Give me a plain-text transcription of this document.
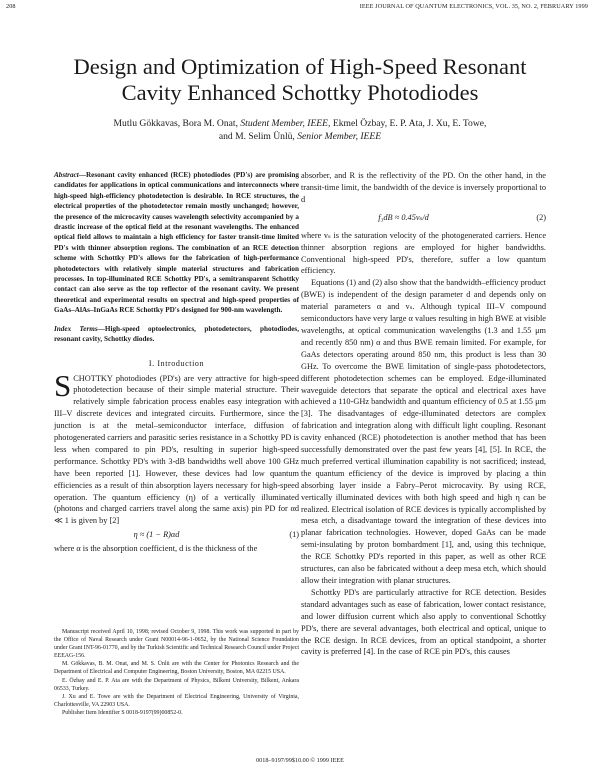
208	IEEE JOURNAL OF QUANTUM ELECTRONICS, VOL. 35, NO. 2, FEBRUARY 1999
Design and Optimization of High-Speed Resonant
Cavity Enhanced Schottky Photodiodes
Mutlu Gökkavas, Bora M. Onat, Student Member, IEEE, Ekmel Özbay, E. P. Ata, J. Xu, E. Towe,
and M. Selim Ünlü, Senior Member, IEEE
Abstract—Resonant cavity enhanced (RCE) photodiodes (PD's) are promising candidates for applications in optical communications and interconnects where high-speed high-efficiency photodetection is desirable. In RCE structures, the electrical properties of the photodetector remain mostly unchanged; however, the presence of the microcavity causes wavelength selectivity accompanied by a drastic increase of the optical field at the resonant wavelengths. The enhanced optical field allows to maintain a high efficiency for faster transit-time limited PD's with thinner absorption regions. The combination of an RCE detection scheme with Schottky PD's allows for the fabrication of high-performance photodetectors with relatively simple material structures and fabrication processes. In top-illuminated RCE Schottky PD's, a semitransparent Schottky contact can also serve as the top reflector of the resonant cavity. We present theoretical and experimental results on spectral and high-speed properties of GaAs–AlAs–InGaAs RCE Schottky PD's designed for 900-nm wavelength.
Index Terms—High-speed optoelectronics, photodetectors, photodiodes, resonant cavity, Schottky diodes.
I. Introduction
SCHOTTKY photodiodes (PD's) are very attractive for high-speed photodetection because of their simple material structure. Their relatively simple fabrication process enables easy integration with III–V discrete devices and integrated circuits. Furthermore, since the junction is at the metal–semiconductor interface, diffusion of photogenerated carriers and parasitic series resistance in a Schottky PD is less when compared to pin PD's, resulting in superior high-speed performance. Schottky PD's with 3-dB bandwidths well above 100 GHz have been reported [1]. However, these devices had low quantum efficiencies as a result of thin absorption layers necessary for high-speed operation. The quantum efficiency (η) of a vertically illuminated (photons and charged carriers travel along the same axis) pin PD for αd ≪ 1 is given by [2]
η ≈ (1 − R)αd	(1)
where α is the absorption coefficient, d is the thickness of the

Manuscript received April 10, 1998; revised October 9, 1998. This work was supported in part by the Office of Naval Research under Grant N00014-96-1-0652, by the National Science Foundation under Grant INT-96-01770, and by the Turkish Scientific and Technical Research Council under Project EEEAG-156.

M. Gökkavas, B. M. Onat, and M. S. Ünlü are with the Center for Photonics Research and the Department of Electrical and Computer Engineering, Boston University, Boston, MA 02215 USA.

E. Özbay and E. P. Ata are with the Department of Physics, Bilkent University, Bilkent, Ankara 06533, Turkey.

J. Xu and E. Towe are with the Department of Electrical Engineering, University of Virginia, Charlottesville, VA 22903 USA.

Publisher Item Identifier S 0018-9197(99)00852-0.

absorber, and R is the reflectivity of the PD. On the other hand, in the transit-time limit, the bandwidth of the device is inversely proportional to d
f₃dB ≈ 0.45vₛ/d	(2)
where vₛ is the saturation velocity of the photogenerated carriers. Hence thinner absorption regions are employed for higher bandwidths. Conventional high-speed PD's, therefore, suffer a low quantum efficiency.
Equations (1) and (2) also show that the bandwidth–efficiency product (BWE) is independent of the design parameter d and depends only on material parameters α and vₛ. Although typical III–V compound semiconductors have very large α values resulting in high BWE at visible wavelengths, at optical communication wavelengths (1.3 and 1.55 μm and recently 850 nm) α and thus BWE remain limited. For example, for GaAs detectors operating around 850 nm, this product is less than 30 GHz. To overcome the BWE limitation of single-pass photodetectors, different photodetection schemes can be employed. Edge-illuminated waveguide detectors that separate the optical and electrical axes have achieved a 110-GHz bandwidth and quantum efficiency of 0.5 at 1.55 μm [3]. The disadvantages of edge-illuminated detectors are complex fabrication and integration along with difficult light coupling. Resonant cavity enhanced (RCE) photodetection is another method that has been successfully demonstrated over the past few years [4], [5]. In RCE, the much preferred vertical illumination capability is not sacrificed; instead, the quantum efficiency of the device is improved by placing a thin absorbing layer inside a Fabry–Perot microcavity. By using RCE, vertically illuminated devices with both high speed and high η can be realized. Electrical isolation of RCE devices is typically accomplished by mesa etch, a disadvantage toward the integration of these devices into planar fabrication technologies. However, doped GaAs can be made semi-insulating by proton bombardment [1], and, using this technique, the RCE Schottky PD's reported in this paper, as well as other RCE structures, can also be fabricated without a deep mesa etch, which should allow their integration with planar structures.
Schottky PD's are particularly attractive for RCE detection. Besides standard advantages such as ease of fabrication, lower contact resistance, and lower diffusion current which also apply to conventional Schottky PD's, there are several advantages, both electrical and optical, unique to the RCE design. In RCE devices, from an optical standpoint, a shorter cavity is preferred [4]. In the case of RCE pin PD's, this causes
0018–9197/99$10.00 © 1999 IEEE
